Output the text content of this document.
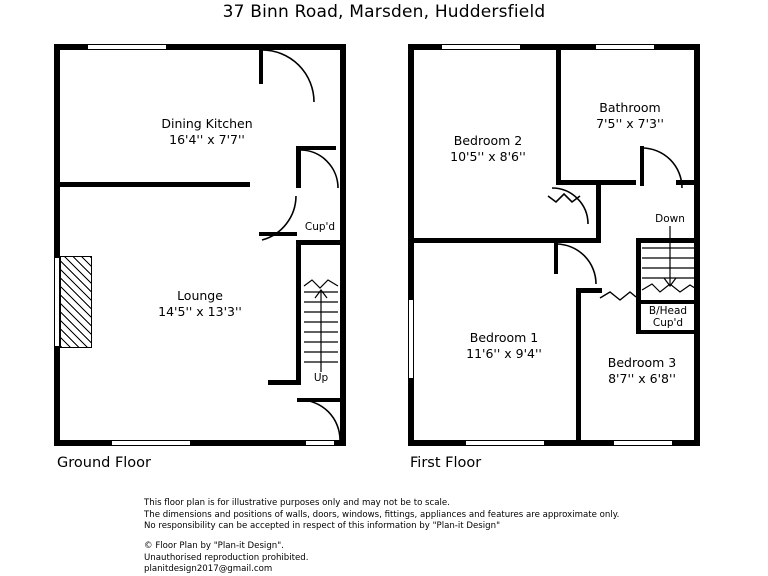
37 Binn Road, Marsden, Huddersfield
Dining Kitchen
16'4'' x 7'7''
Lounge
14'5'' x 13'3''
Cup'd
Up
Ground Floor
Bathroom
7'5'' x 7'3''
Bedroom 2
10'5'' x 8'6''
Bedroom 1
11'6'' x 9'4''
Bedroom 3
8'7'' x 6'8''
Down
B/Head
Cup'd
First Floor
This floor plan is for illustrative purposes only and may not be to scale.
The dimensions and positions of walls, doors, windows, fittings, appliances and features are approximate only.
No responsibility can be accepted in respect of this information by "Plan-it Design"
© Floor Plan by "Plan-it Design".
Unauthorised reproduction prohibited.
planitdesign2017@gmail.com
